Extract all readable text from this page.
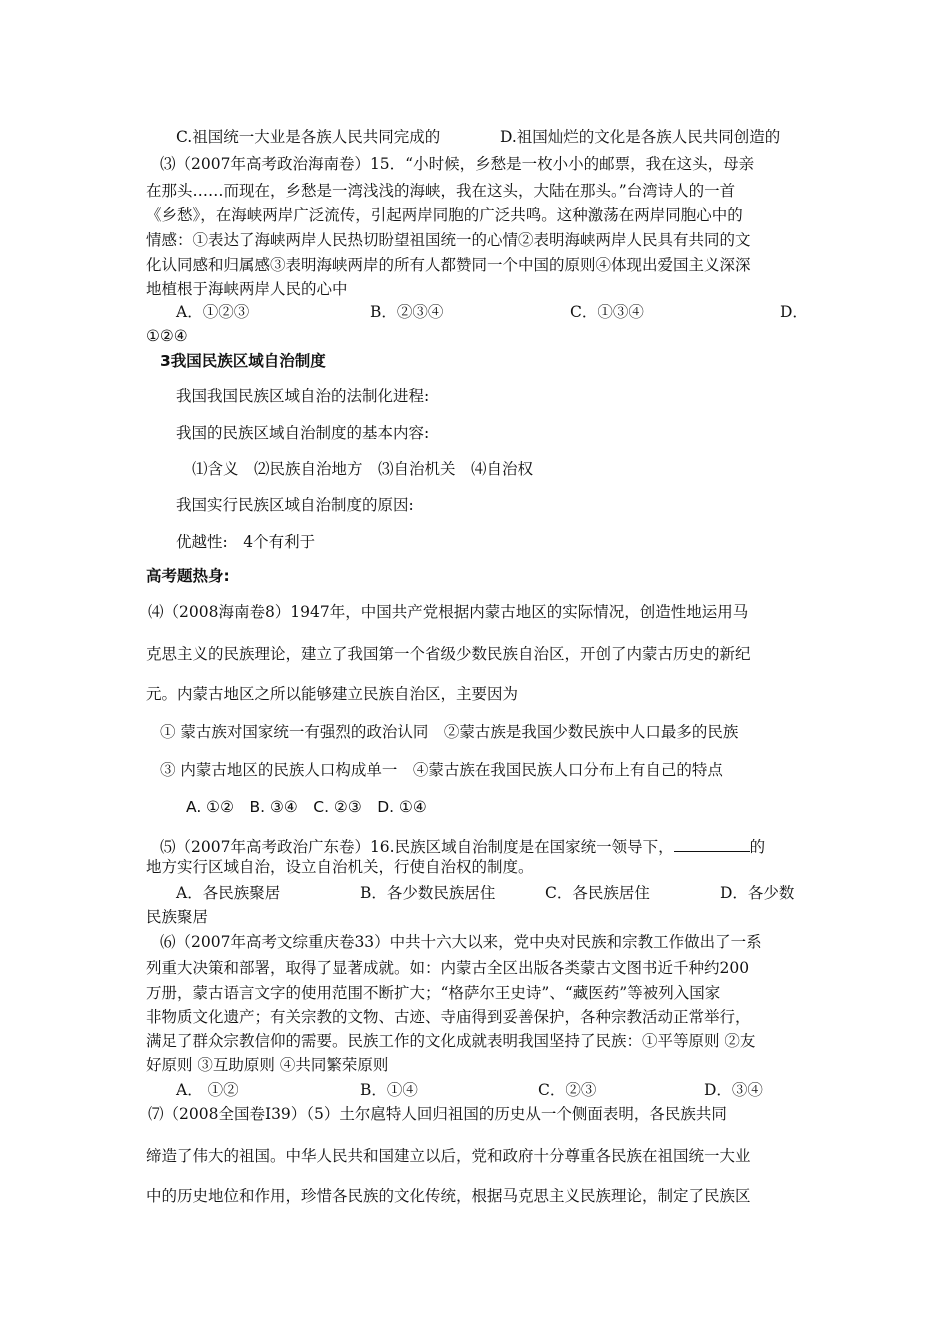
C.祖国统一大业是各族人民共同完成的	D.祖国灿烂的文化是各族人民共同创造的
⑶（2007年高考政治海南卷）15．“小时候，乡愁是一枚小小的邮票，我在这头，母亲
在那头……而现在，乡愁是一湾浅浅的海峡，我在这头，大陆在那头。”台湾诗人的一首
《乡愁》，在海峡两岸广泛流传，引起两岸同胞的广泛共鸣。这种激荡在两岸同胞心中的
情感：①表达了海峡两岸人民热切盼望祖国统一的心情②表明海峡两岸人民具有共同的文
化认同感和归属感③表明海峡两岸的所有人都赞同一个中国的原则④体现出爱国主义深深
地植根于海峡两岸人民的心中
A．①②③	B．②③④	C．①③④	D．
①②④
3我国民族区域自治制度
我国我国民族区域自治的法制化进程:
我国的民族区域自治制度的基本内容:
⑴含义　⑵民族自治地方　⑶自治机关　⑷自治权
我国实行民族区域自治制度的原因:
优越性:　4个有利于
高考题热身:
⑷（2008海南卷8）1947年，中国共产党根据内蒙古地区的实际情况，创造性地运用马
克思主义的民族理论，建立了我国第一个省级少数民族自治区，开创了内蒙古历史的新纪
元。内蒙古地区之所以能够建立民族自治区，主要因为
① 蒙古族对国家统一有强烈的政治认同　②蒙古族是我国少数民族中人口最多的民族
③ 内蒙古地区的民族人口构成单一　④蒙古族在我国民族人口分布上有自己的特点
A. ①②　B. ③④　C. ②③　D. ①④
⑸（2007年高考政治广东卷）16.民族区域自治制度是在国家统一领导下，	的
地方实行区域自治，设立自治机关，行使自治权的制度。
A．各民族聚居	B．各少数民族居住	C．各民族居住	D．各少数
民族聚居
⑹（2007年高考文综重庆卷33）中共十六大以来，党中央对民族和宗教工作做出了一系
列重大决策和部署，取得了显著成就。如：内蒙古全区出版各类蒙古文图书近千种约200
万册，蒙古语言文字的使用范围不断扩大；“格萨尔王史诗”、“藏医药”等被列入国家
非物质文化遗产；有关宗教的文物、古迹、寺庙得到妥善保护，各种宗教活动正常举行，
满足了群众宗教信仰的需要。民族工作的文化成就表明我国坚持了民族：①平等原则 ②友
好原则 ③互助原则 ④共同繁荣原则
A． ①②	B．①④	C．②③	D．③④
⑺（2008全国卷Ⅰ39）（5）土尔扈特人回归祖国的历史从一个侧面表明，各民族共同
缔造了伟大的祖国。中华人民共和国建立以后，党和政府十分尊重各民族在祖国统一大业
中的历史地位和作用，珍惜各民族的文化传统，根据马克思主义民族理论，制定了民族区
